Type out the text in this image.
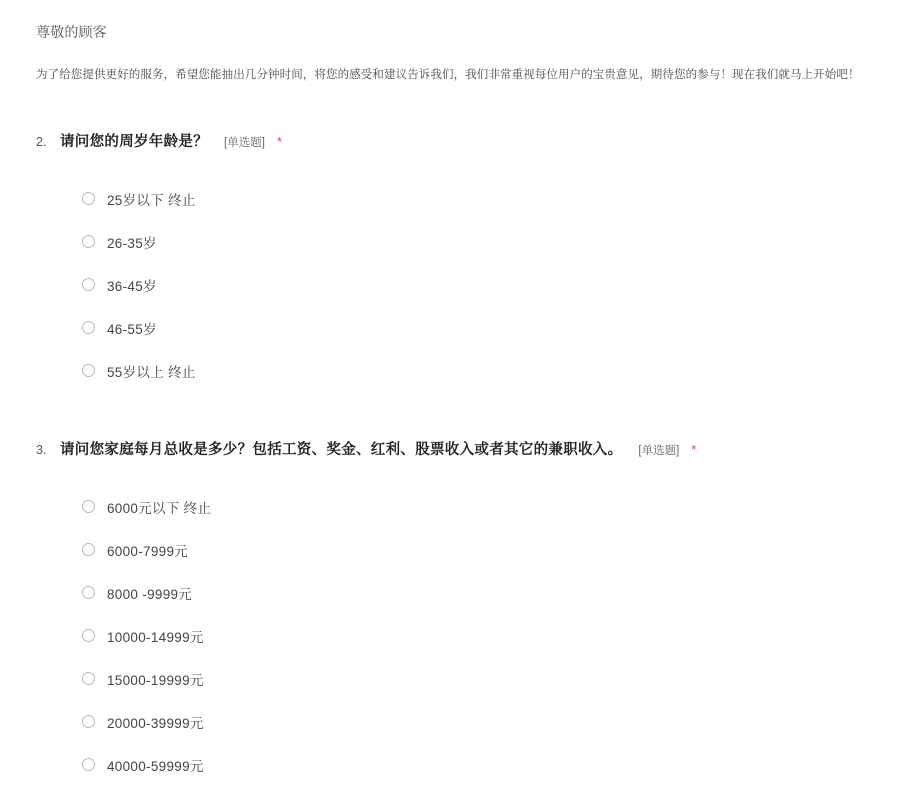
尊敬的顾客
为了给您提供更好的服务，希望您能抽出几分钟时间，将您的感受和建议告诉我们，我们非常重视每位用户的宝贵意见，期待您的参与！现在我们就马上开始吧！
2. 请问您的周岁年龄是？ [单选题] *
25岁以下 终止
26-35岁
36-45岁
46-55岁
55岁以上 终止
3. 请问您家庭每月总收是多少？包括工资、奖金、红利、股票收入或者其它的兼职收入。 [单选题] *
6000元以下 终止
6000-7999元
8000 -9999元
10000-14999元
15000-19999元
20000-39999元
40000-59999元
